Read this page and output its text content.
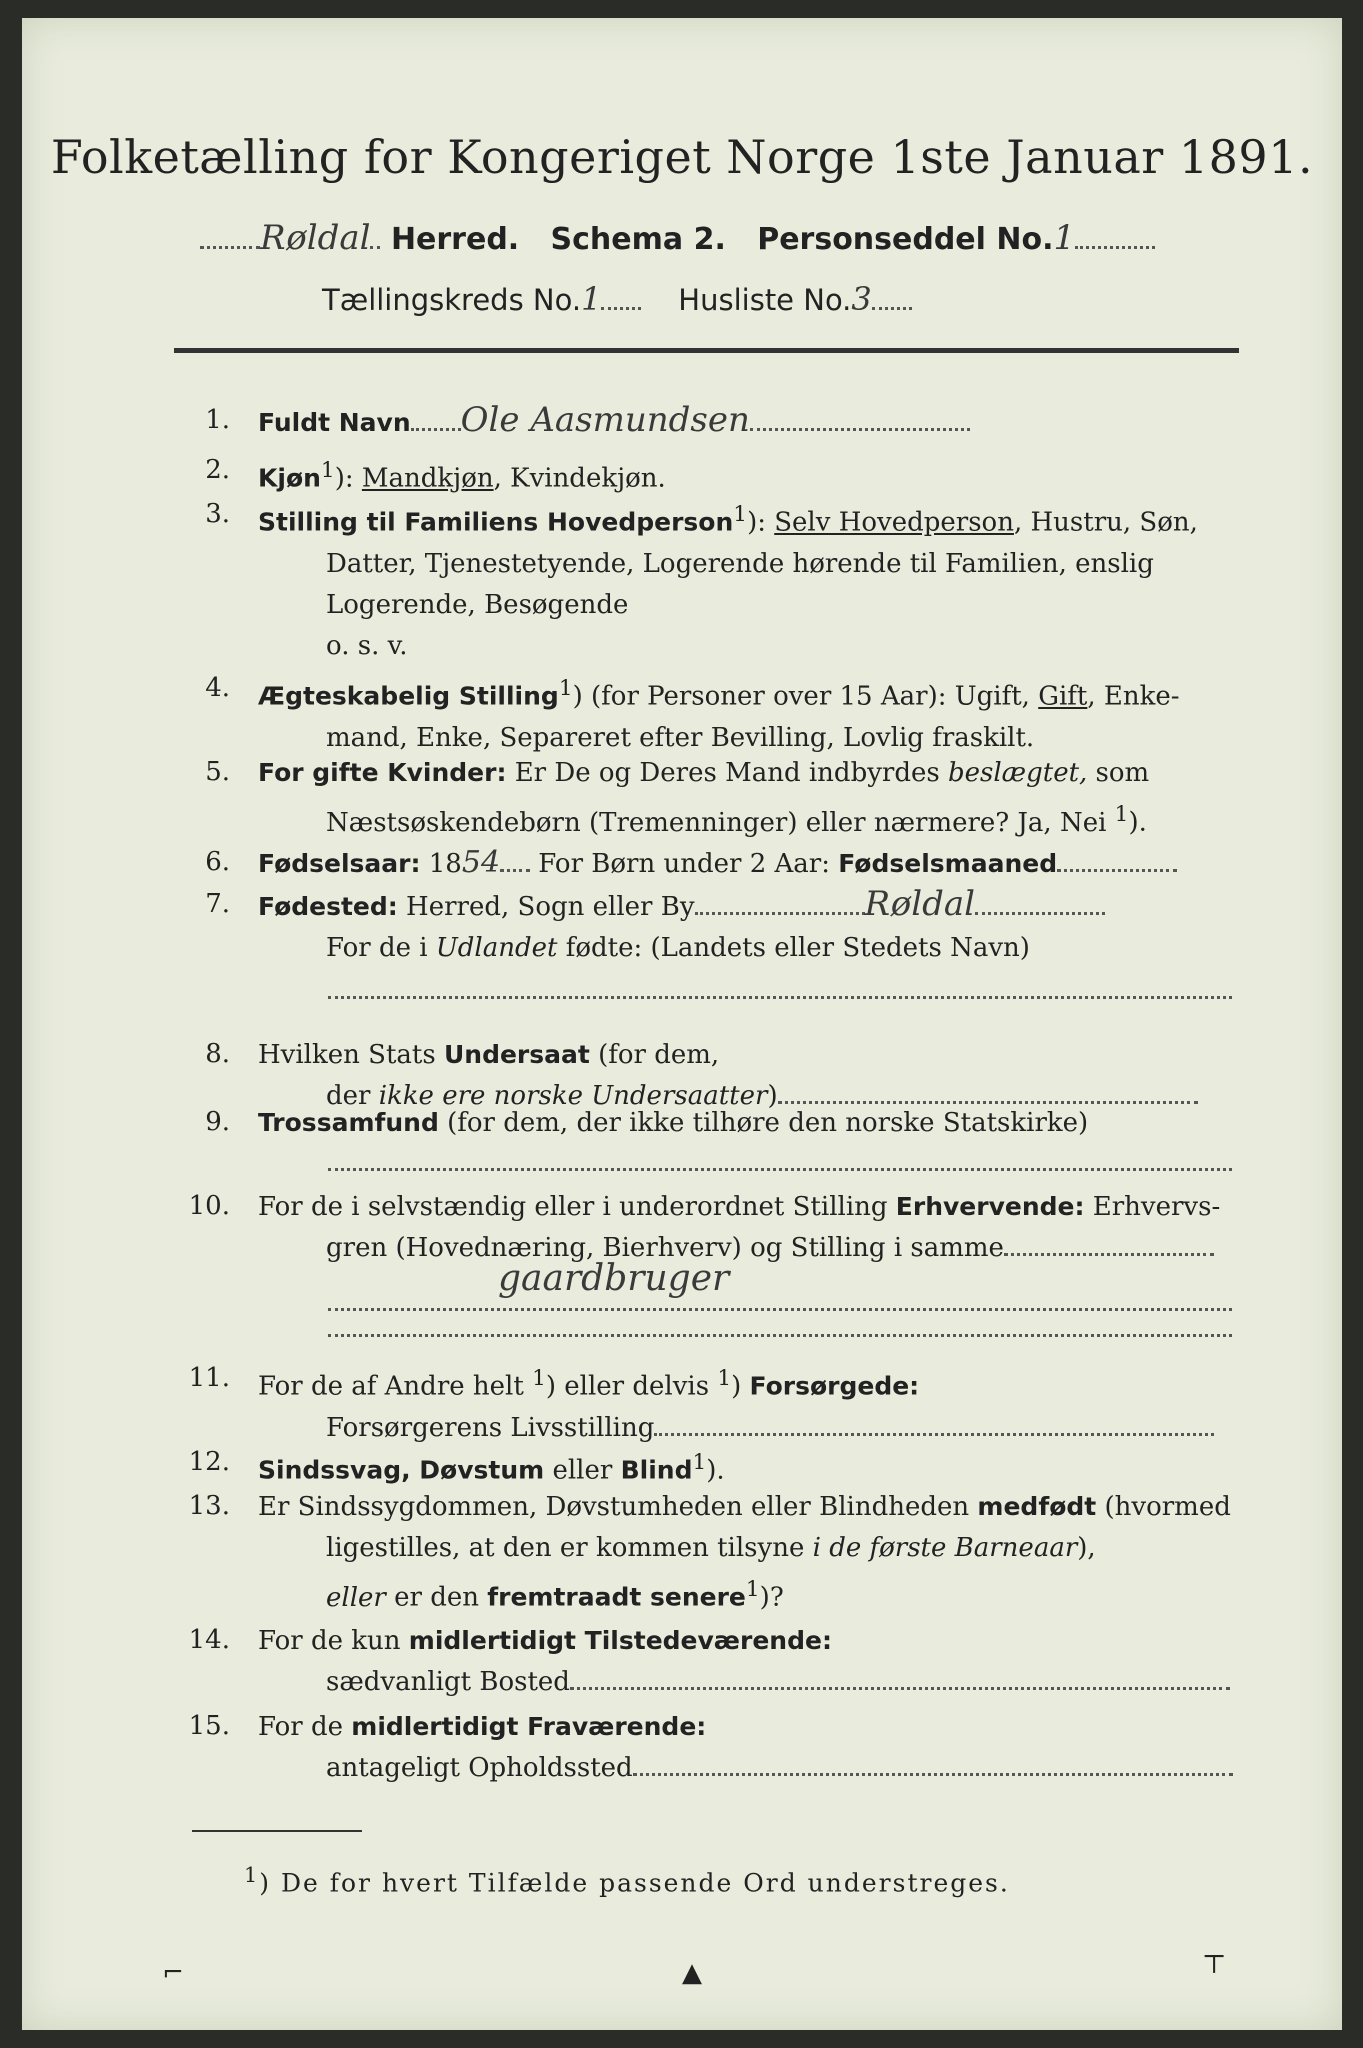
Folketælling for Kongeriget Norge 1ste Januar 1891.
Røldal Herred. Schema 2. Personseddel No.1
Tællingskreds No.1	Husliste No.3
1. Fuldt Navn Ole Aasmundsen
2. Kjøn$^1$): Mandkjøn, Kvindekjøn.
3. Stilling til Familiens Hovedperson$^1$): Selv Hovedperson, Hustru, Søn,
Datter, Tjenestetyende, Logerende hørende til Familien, enslig
Logerende, Besøgende
o. s. v.
4. Ægteskabelig Stilling$^1$) (for Personer over 15 Aar): Ugift, Gift, Enke-
mand, Enke, Separeret efter Bevilling, Lovlig fraskilt.
5. For gifte Kvinder: Er De og Deres Mand indbyrdes beslægtet, som
Næstsøskendebørn (Tremenninger) eller nærmere? Ja, Nei $^1$).
6. Fødselsaar: 1854 For Børn under 2 Aar: Fødselsmaaned
7. Fødested: Herred, Sogn eller By	Røldal
For de i Udlandet fødte: (Landets eller Stedets Navn)
8. Hvilken Stats Undersaat (for dem,
der ikke ere norske Undersaatter)
9. Trossamfund (for dem, der ikke tilhøre den norske Statskirke)
10. For de i selvstændig eller i underordnet Stilling Erhvervende: Erhvervs-
gren (Hovednæring, Bierhverv) og Stilling i samme
gaardbruger
11. For de af Andre helt $^1$) eller delvis $^1$) Forsørgede:
Forsørgerens Livsstilling
12. Sindssvag, Døvstum eller Blind$^1$).
13. Er Sindssygdommen, Døvstumheden eller Blindheden medfødt (hvormed
ligestilles, at den er kommen tilsyne i de første Barneaar),
eller er den fremtraadt senere$^1$)?
14. For de kun midlertidigt Tilstedeværende:
sædvanligt Bosted
15. For de midlertidigt Fraværende:
antageligt Opholdssted
$^1$) De for hvert Tilfælde passende Ord understreges.
⌐	▲	⊤
